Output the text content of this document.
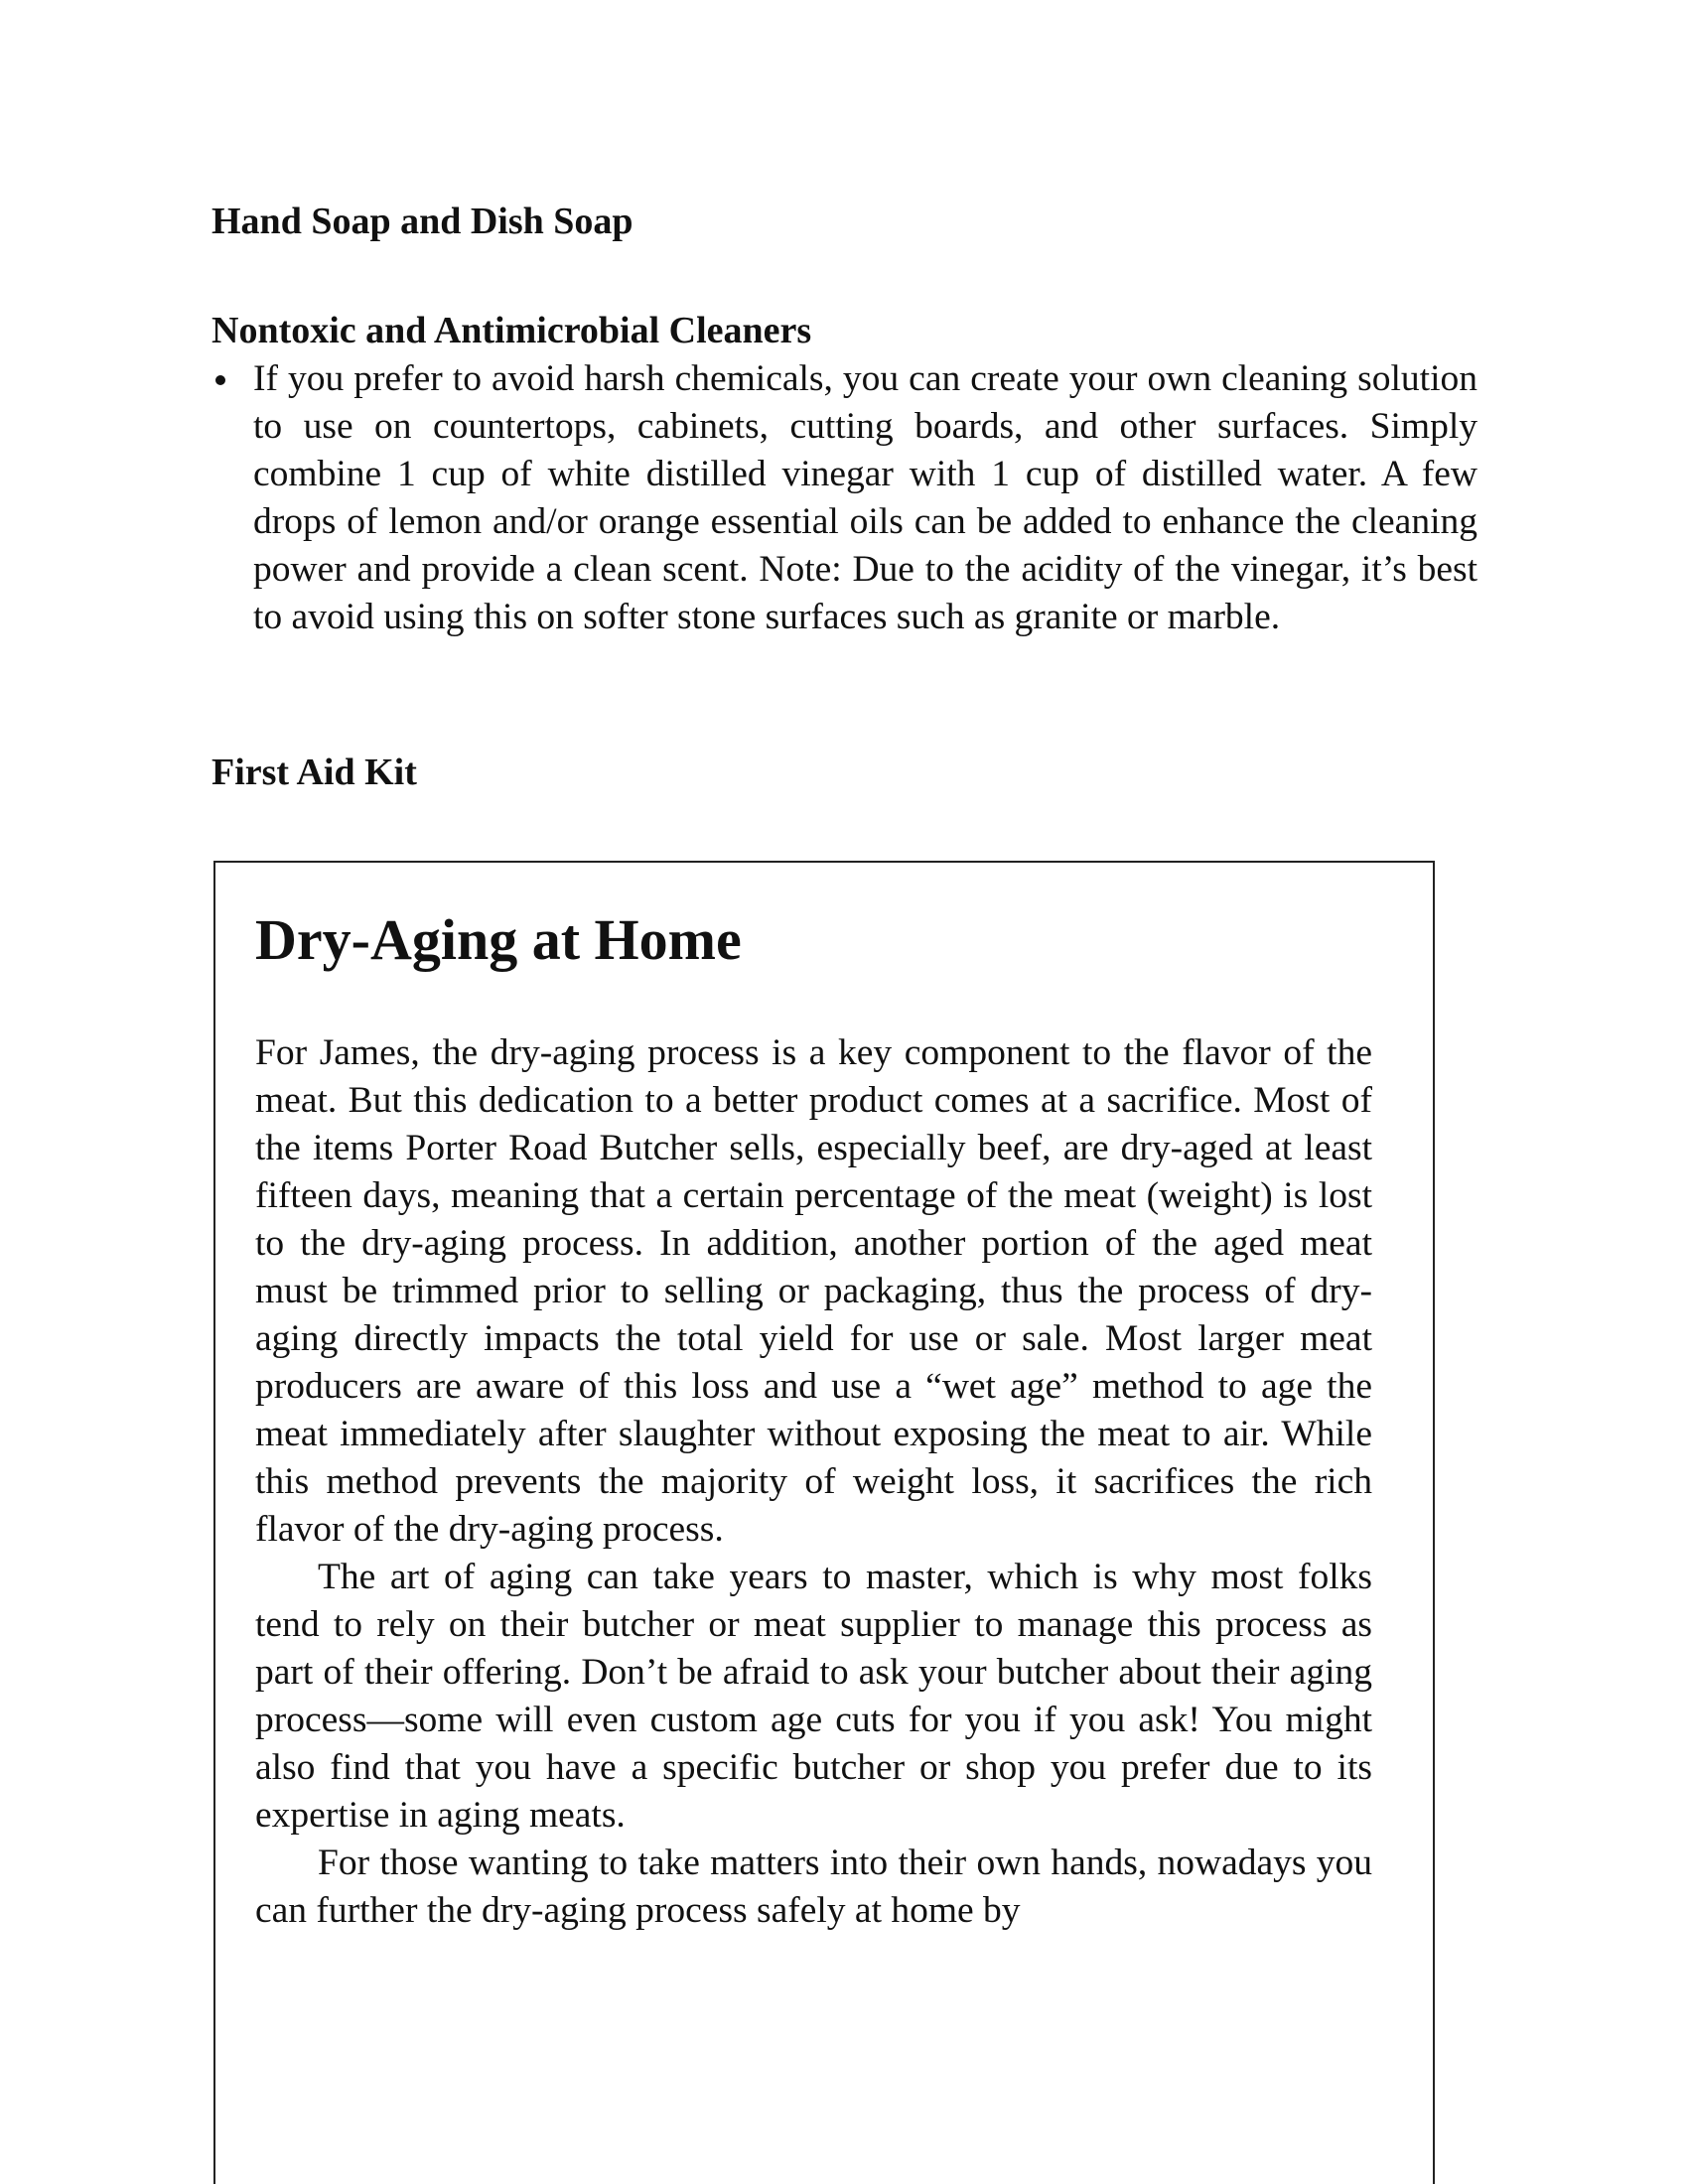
Hand Soap and Dish Soap
Nontoxic and Antimicrobial Cleaners
If you prefer to avoid harsh chemicals, you can create your own cleaning solution to use on countertops, cabinets, cutting boards, and other surfaces. Simply combine 1 cup of white distilled vinegar with 1 cup of distilled water. A few drops of lemon and/or orange essential oils can be added to enhance the cleaning power and provide a clean scent. Note: Due to the acidity of the vinegar, it’s best to avoid using this on softer stone surfaces such as granite or marble.
First Aid Kit
Dry-Aging at Home

For James, the dry-aging process is a key component to the flavor of the meat. But this dedication to a better product comes at a sacrifice. Most of the items Porter Road Butcher sells, especially beef, are dry-aged at least fifteen days, meaning that a certain percentage of the meat (weight) is lost to the dry-aging process. In addition, another portion of the aged meat must be trimmed prior to selling or packaging, thus the process of dry-aging directly impacts the total yield for use or sale. Most larger meat producers are aware of this loss and use a “wet age” method to age the meat immediately after slaughter without exposing the meat to air. While this method prevents the majority of weight loss, it sacrifices the rich flavor of the dry-aging process.

The art of aging can take years to master, which is why most folks tend to rely on their butcher or meat supplier to manage this process as part of their offering. Don’t be afraid to ask your butcher about their aging process—some will even custom age cuts for you if you ask! You might also find that you have a specific butcher or shop you prefer due to its expertise in aging meats.

For those wanting to take matters into their own hands, nowadays you can further the dry-aging process safely at home by
